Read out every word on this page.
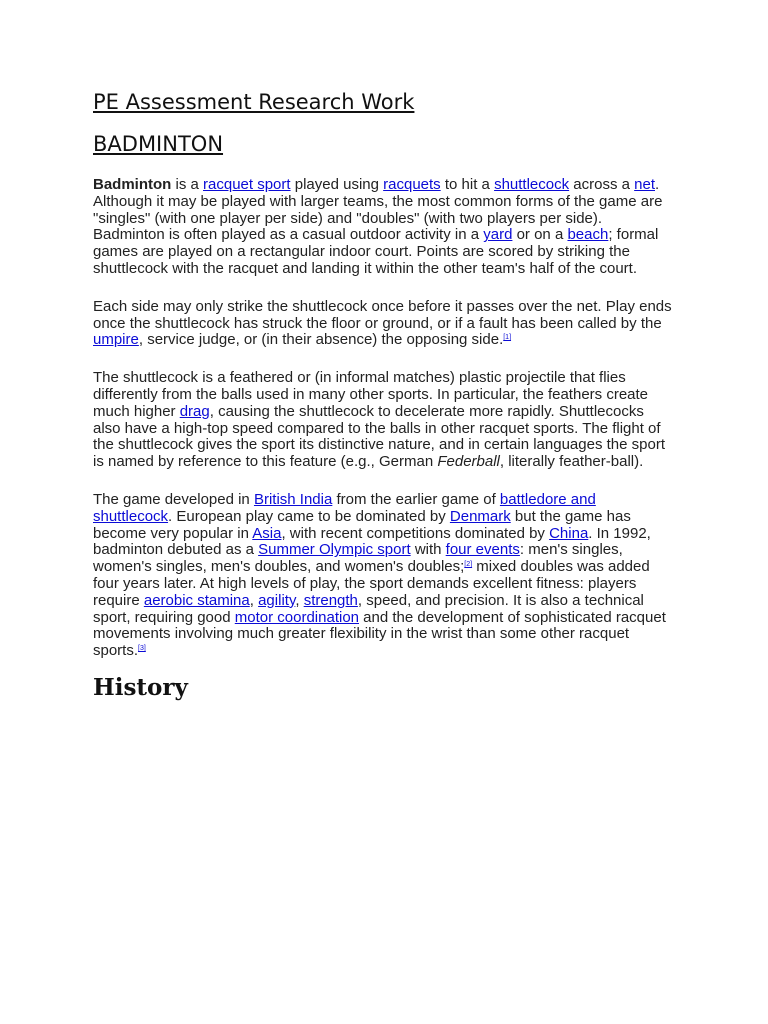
PE Assessment Research Work
BADMINTON

Badminton is a racquet sport played using racquets to hit a shuttlecock across a net. Although it may be played with larger teams, the most common forms of the game are "singles" (with one player per side) and "doubles" (with two players per side). Badminton is often played as a casual outdoor activity in a yard or on a beach; formal games are played on a rectangular indoor court. Points are scored by striking the shuttlecock with the racquet and landing it within the other team's half of the court.

Each side may only strike the shuttlecock once before it passes over the net. Play ends once the shuttlecock has struck the floor or ground, or if a fault has been called by the umpire, service judge, or (in their absence) the opposing side.[1]

The shuttlecock is a feathered or (in informal matches) plastic projectile that flies differently from the balls used in many other sports. In particular, the feathers create much higher drag, causing the shuttlecock to decelerate more rapidly. Shuttlecocks also have a high-top speed compared to the balls in other racquet sports. The flight of the shuttlecock gives the sport its distinctive nature, and in certain languages the sport is named by reference to this feature (e.g., German Federball, literally feather-ball).

The game developed in British India from the earlier game of battledore and shuttlecock. European play came to be dominated by Denmark but the game has become very popular in Asia, with recent competitions dominated by China. In 1992, badminton debuted as a Summer Olympic sport with four events: men's singles, women's singles, men's doubles, and women's doubles;[2] mixed doubles was added four years later. At high levels of play, the sport demands excellent fitness: players require aerobic stamina, agility, strength, speed, and precision. It is also a technical sport, requiring good motor coordination and the development of sophisticated racquet movements involving much greater flexibility in the wrist than some other racquet sports.[3]

History
